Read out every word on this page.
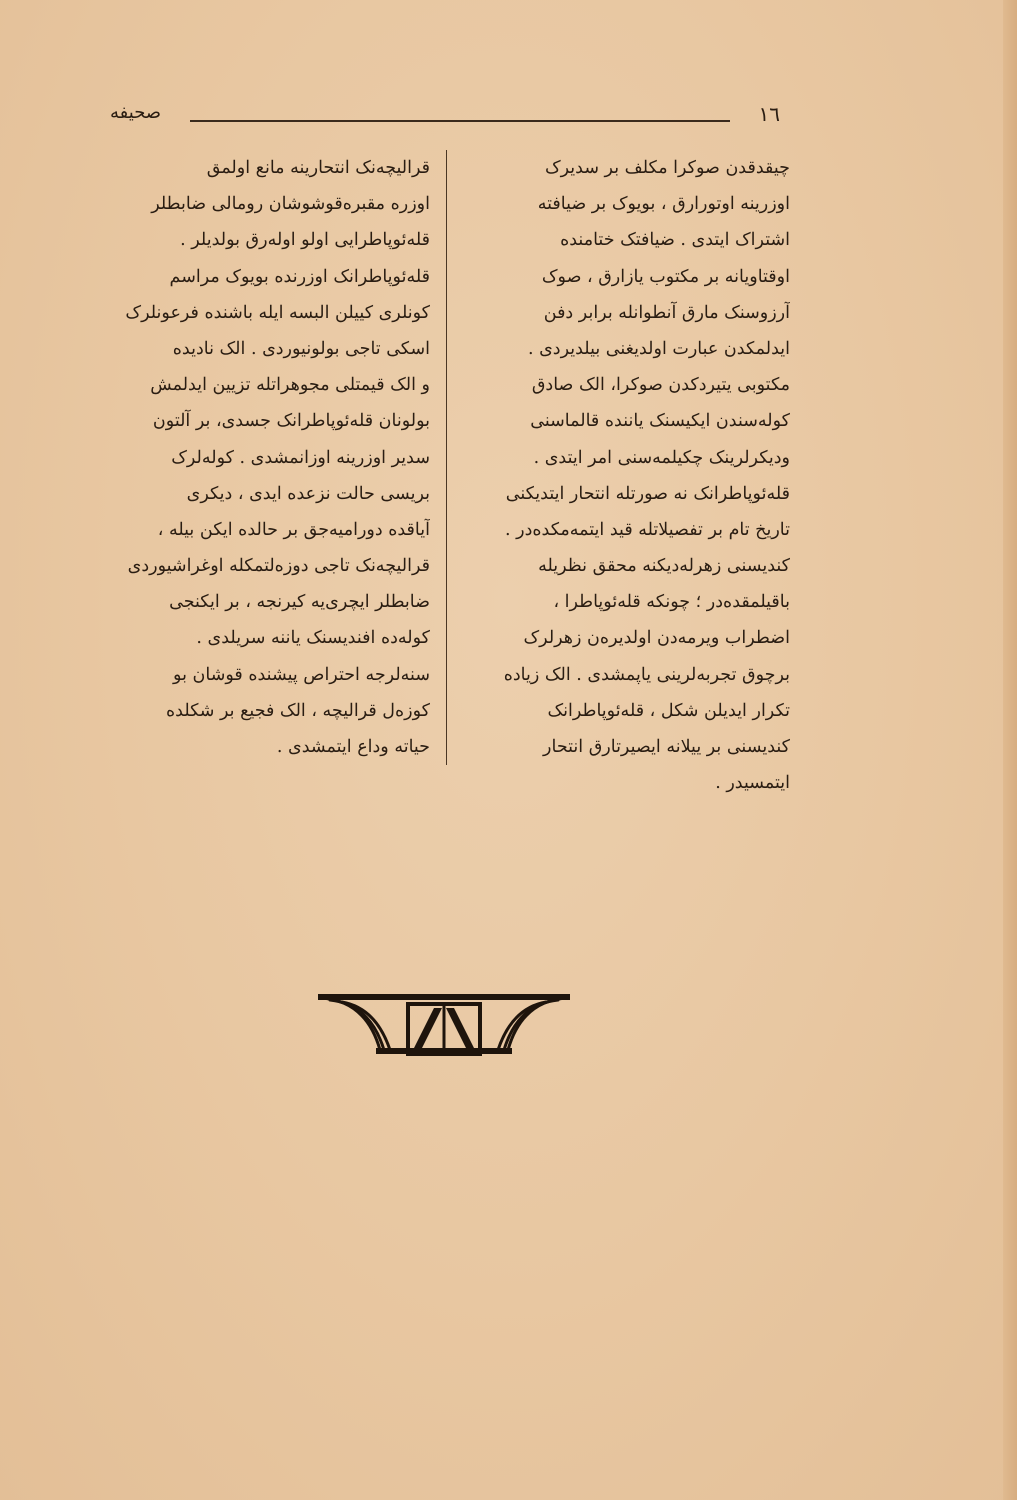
صحیفه	۱٦
چیقدقدن صوکرا مکلف بر سدیرک
اوزرینه اوتورارق ، بویوک بر ضیافته
اشتراک ایتدی . ضیافتک ختامنده
اوقتاویانه بر مکتوب یازارق ، صوک
آرزوسنک مارق آنطوانله برابر دفن
ایدلمکدن عبارت اولدیغنی بیلدیردی .
مکتوبی یتیردکدن صوکرا، الک صادق
کوله‌سندن ایکیسنک یاننده قالماسنی
ودیکرلرینک چکیلمه‌سنی امر ایتدی .
قله‌ئوپاطرانک نه صورتله انتحار ایتدیکنی
تاریخ تام بر تفصیلاتله قید ایتمه‌مکده‌در .
کندیسنی زهرله‌دیکنه محقق نظریله
باقیلمقده‌در ؛ چونکه قله‌ئوپاطرا ،
اضطراب ویرمه‌دن اولدیره‌ن زهرلرک
برچوق تجربه‌لرینی یاپمشدی . الک زیاده
تکرار ایدیلن شکل ، قله‌ئوپاطرانک
کندیسنی بر ییلانه ایصیرتارق انتحار
ایتمسیدر .
قرالیچه‌نک انتحارینه مانع اولمق
اوزره مقبره‌قوشوشان رومالی ضابطلر
قله‌ئوپاطرایی اولو اوله‌رق بولدیلر .
قله‌ئوپاطرانک اوزرنده بویوک مراسم
کونلری کییلن البسه ایله باشنده فرعونلرک
اسکی تاجی بولونیوردی . الک نادیده
و الک قیمتلی مجوهراتله تزیین ایدلمش
بولونان قله‌ئوپاطرانک جسدی، بر آلتون
سدیر اوزرینه اوزانمشدی . کوله‌لرک
بریسی حالت نزعده ایدی ، دیکری
آیاقده دوراميه‌جق بر حالده ایکن بیله ،
قرالیچه‌نک تاجی دوزه‌لتمکله اوغراشیوردی
ضابطلر ایچری‌یه کیرنجه ، بر ایکنجی
کوله‌ده افندیسنک یاننه سریلدی .
سنه‌لرجه احتراص پیشنده قوشان بو
کوزه‌ل قرالیچه ، الک فجیع بر شکلده
حیاته وداع ایتمشدی .
